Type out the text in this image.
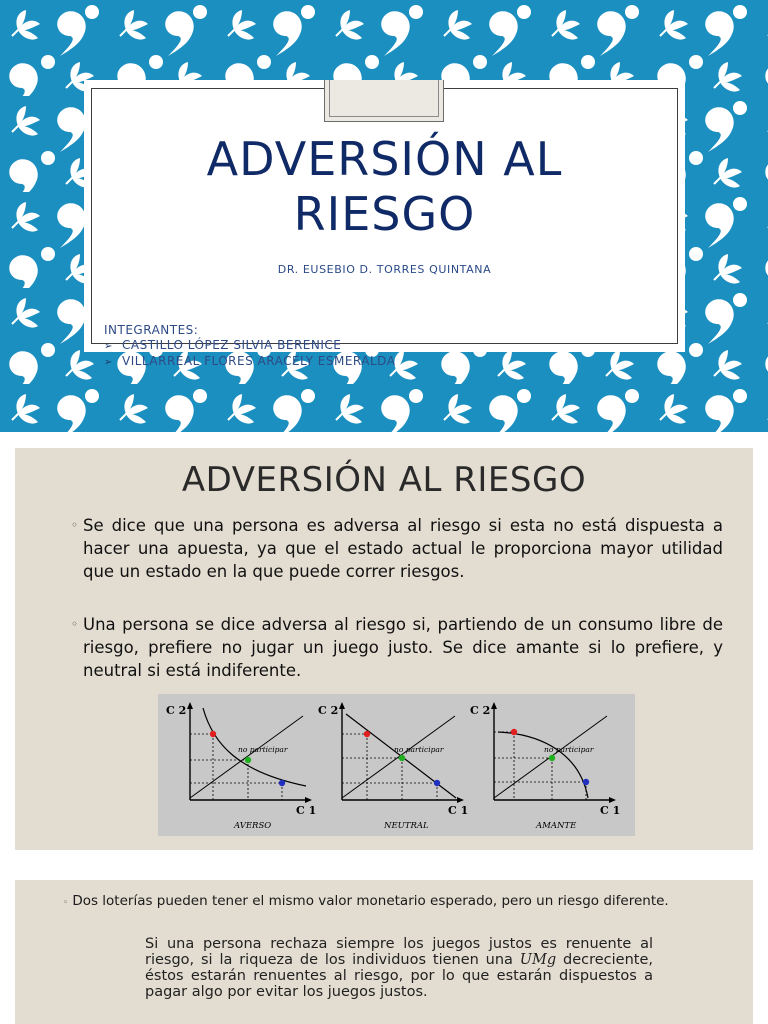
ADVERSIÓN AL
RIESGO
DR. EUSEBIO D. TORRES QUINTANA
INTEGRANTES:
➢ CASTILLO LÓPEZ SILVIA BERENICE
➢ VILLARREAL FLORES ARACELY ESMERALDA
ADVERSIÓN AL RIESGO
◦ Se dice que una persona es adversa al riesgo si esta no está dispuesta a hacer una apuesta, ya que el estado actual le proporciona mayor utilidad que un estado en la que puede correr riesgos.
◦ Una persona se dice adversa al riesgo si, partiendo de un consumo libre de riesgo, prefiere no jugar un juego justo. Se dice amante si lo prefiere, y neutral si está indiferente.
C 2
C 1
no participar
AVERSO
C 2
C 1
no participar
NEUTRAL
C 2
C 1
no participar
AMANTE
◦ Dos loterías pueden tener el mismo valor monetario esperado, pero un riesgo diferente.
Si una persona rechaza siempre los juegos justos es renuente al riesgo, si la riqueza de los individuos tienen una UMg decreciente, éstos estarán renuentes al riesgo, por lo que estarán dispuestos a pagar algo por evitar los juegos justos.
